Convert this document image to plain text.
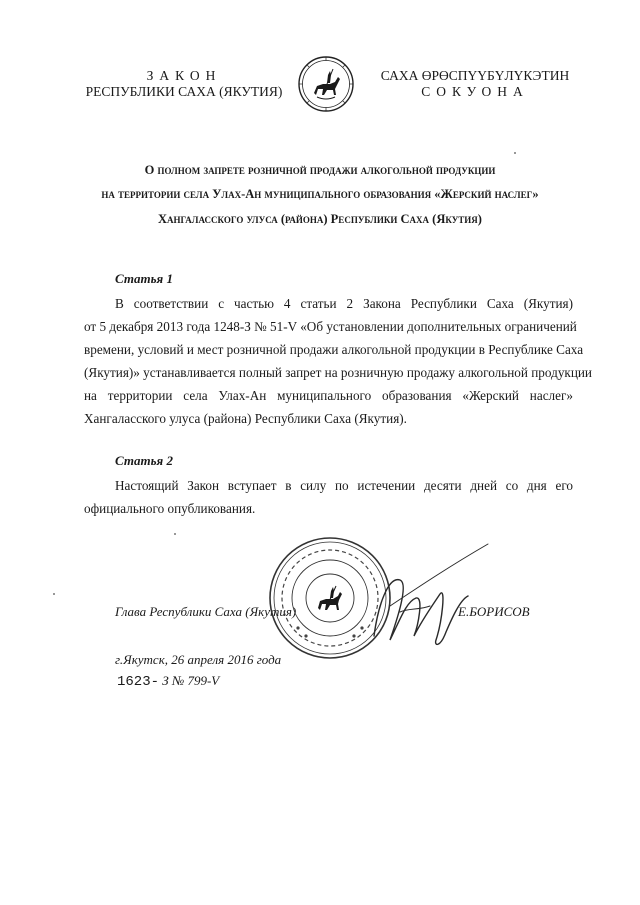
ЗАКОН
РЕСПУБЛИКИ САХА (ЯКУТИЯ)
САХА ӨРӨСПҮҮБҮЛҮКЭТИН
СОКУОНА
О полном запрете розничной продажи алкогольной продукции
на территории села Улах-Ан муниципального образования «Жерский наслег»
Хангаласского улуса (района) Республики Саха (Якутия)
Статья 1
В соответствии с частью 4 статьи 2 Закона Республики Саха (Якутия)
от 5 декабря 2013 года 1248-З № 51-V «Об установлении дополнительных ограничений
времени, условий и мест розничной продажи алкогольной продукции в Республике Саха
(Якутия)» устанавливается полный запрет на розничную продажу алкогольной продукции
на территории села Улах-Ан муниципального образования «Жерский наслег»
Хангаласского улуса (района) Республики Саха (Якутия).
Статья 2
Настоящий Закон вступает в силу по истечении десяти дней со дня его
официального опубликования.
Глава Республики Саха (Якутия)	Е.БОРИСОВ
г.Якутск, 26 апреля 2016 года
1623- З № 799-V
